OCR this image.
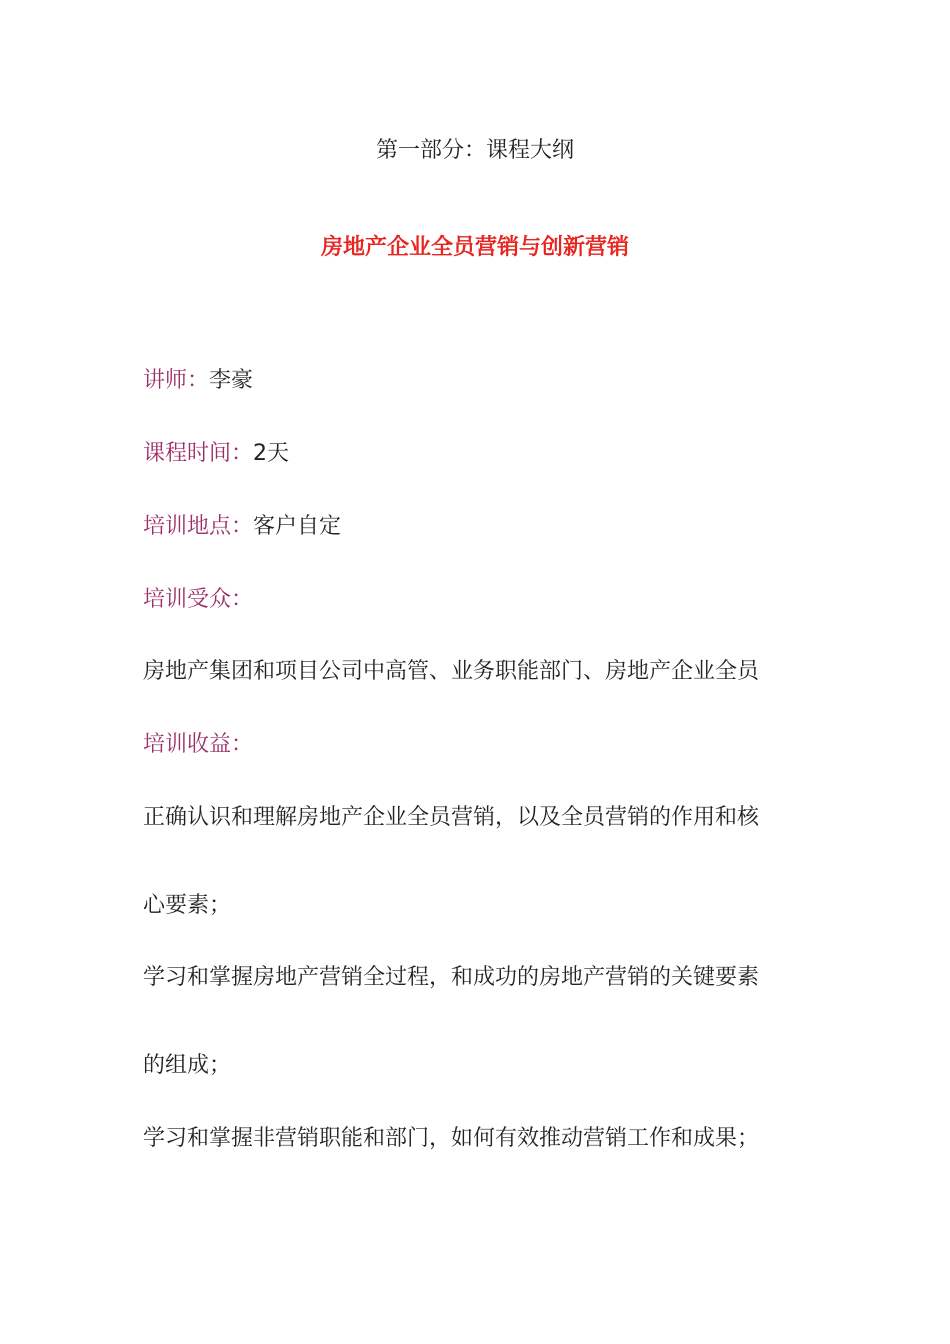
第一部分：课程大纲
房地产企业全员营销与创新营销
讲师：李豪
课程时间：2天
培训地点：客户自定
培训受众：
房地产集团和项目公司中高管、业务职能部门、房地产企业全员
培训收益：
正确认识和理解房地产企业全员营销，以及全员营销的作用和核
心要素；
学习和掌握房地产营销全过程，和成功的房地产营销的关键要素
的组成；
学习和掌握非营销职能和部门，如何有效推动营销工作和成果；
